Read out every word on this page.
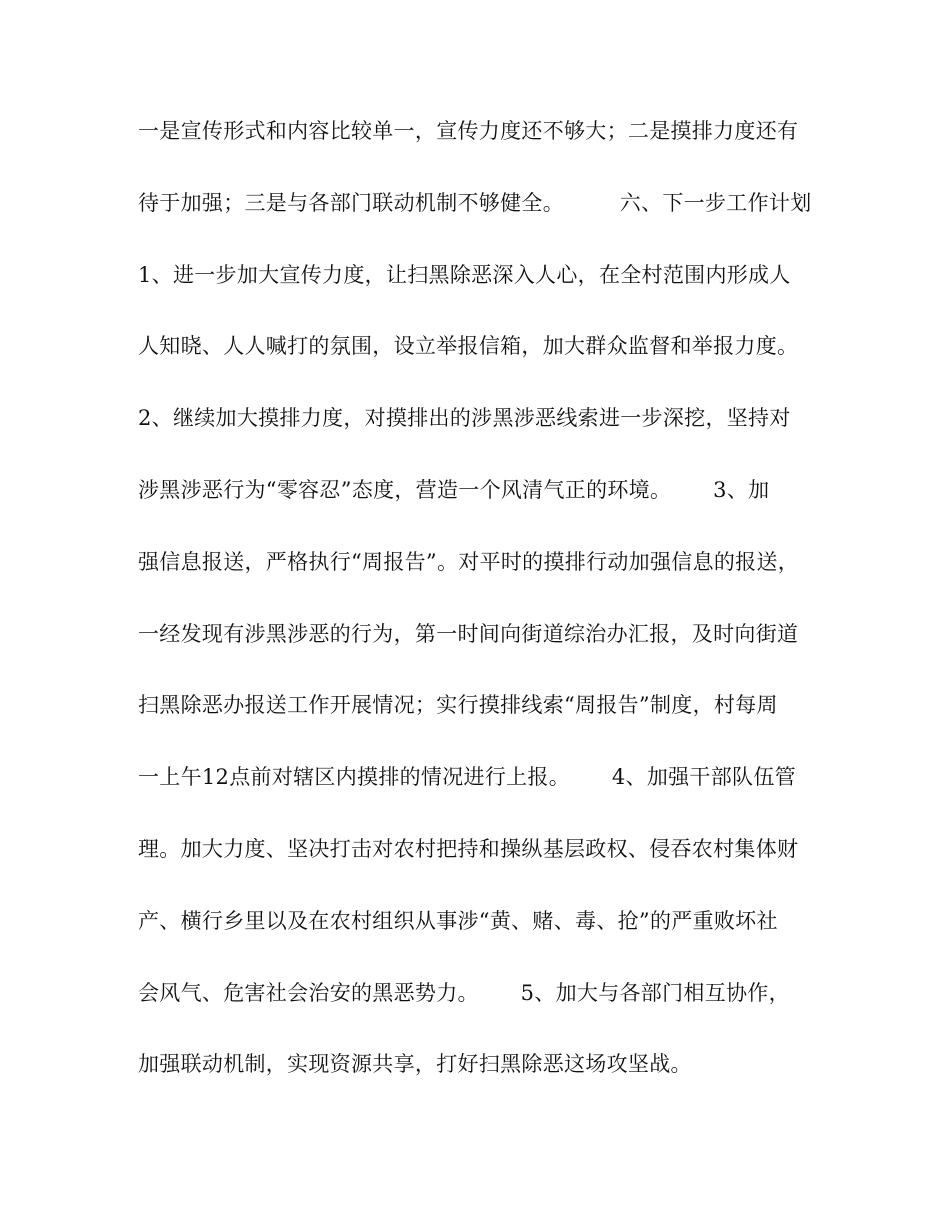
一是宣传形式和内容比较单一，宣传力度还不够大；二是摸排力度还有
待于加强；三是与各部门联动机制不够健全。        六、下一步工作计划
1、进一步加大宣传力度，让扫黑除恶深入人心，在全村范围内形成人
人知晓、人人喊打的氛围，设立举报信箱，加大群众监督和举报力度。
2、继续加大摸排力度，对摸排出的涉黑涉恶线索进一步深挖，坚持对
涉黑涉恶行为“零容忍”态度，营造一个风清气正的环境。      3、加
强信息报送，严格执行“周报告”。对平时的摸排行动加强信息的报送，
一经发现有涉黑涉恶的行为，第一时间向街道综治办汇报，及时向街道
扫黑除恶办报送工作开展情况；实行摸排线索“周报告”制度，村每周
一上午12点前对辖区内摸排的情况进行上报。      4、加强干部队伍管
理。加大力度、坚决打击对农村把持和操纵基层政权、侵吞农村集体财
产、横行乡里以及在农村组织从事涉“黄、赌、毒、抢”的严重败坏社
会风气、危害社会治安的黑恶势力。      5、加大与各部门相互协作，
加强联动机制，实现资源共享，打好扫黑除恶这场攻坚战。
